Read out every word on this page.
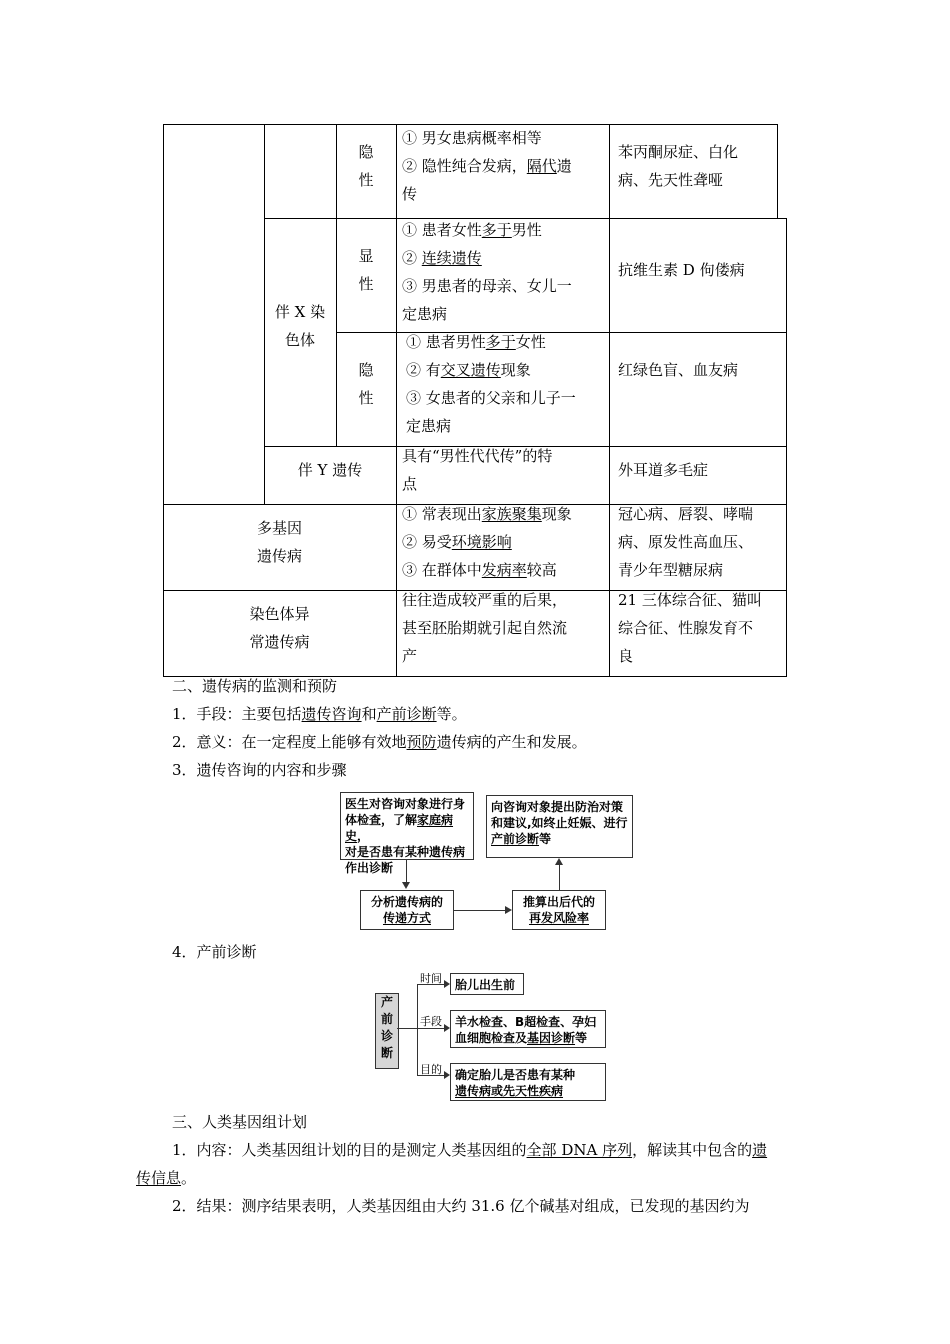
隐
性
① 男女患病概率相等
② 隐性纯合发病，隔代遗
传
苯丙酮尿症、白化
病、先天性聋哑
伴 X 染
色体
显
性
① 患者女性多于男性
② 连续遗传
③ 男患者的母亲、女儿一
定患病
抗维生素 D 佝偻病
隐
性
① 患者男性多于女性
② 有交叉遗传现象
③ 女患者的父亲和儿子一
定患病
红绿色盲、血友病
伴 Y 遗传
具有“男性代代传”的特
点
外耳道多毛症
多基因
遗传病
① 常表现出家族聚集现象
② 易受环境影响
③ 在群体中发病率较高
冠心病、唇裂、哮喘
病、原发性高血压、
青少年型糖尿病
染色体异
常遗传病
往往造成较严重的后果，
甚至胚胎期就引起自然流
产
21 三体综合征、猫叫
综合征、性腺发育不
良
二、遗传病的监测和预防
1．手段：主要包括遗传咨询和产前诊断等。
2．意义：在一定程度上能够有效地预防遗传病的产生和发展。
3．遗传咨询的内容和步骤
医生对咨询对象进行身
体检查，了解家庭病史，
对是否患有某种遗传病
作出诊断
向咨询对象提出防治对策
和建议,如终止妊娠、进行
产前诊断等
分析遗传病的
传递方式
推算出后代的
再发风险率
4．产前诊断
产
前
诊
断
时间
手段
目的
胎儿出生前
羊水检查、B超检查、孕妇
血细胞检查及基因诊断等
确定胎儿是否患有某种
遗传病或先天性疾病
三、人类基因组计划
1．内容：人类基因组计划的目的是测定人类基因组的全部 DNA 序列，解读其中包含的遗
传信息。
2．结果：测序结果表明，人类基因组由大约 31.6 亿个碱基对组成，已发现的基因约为
